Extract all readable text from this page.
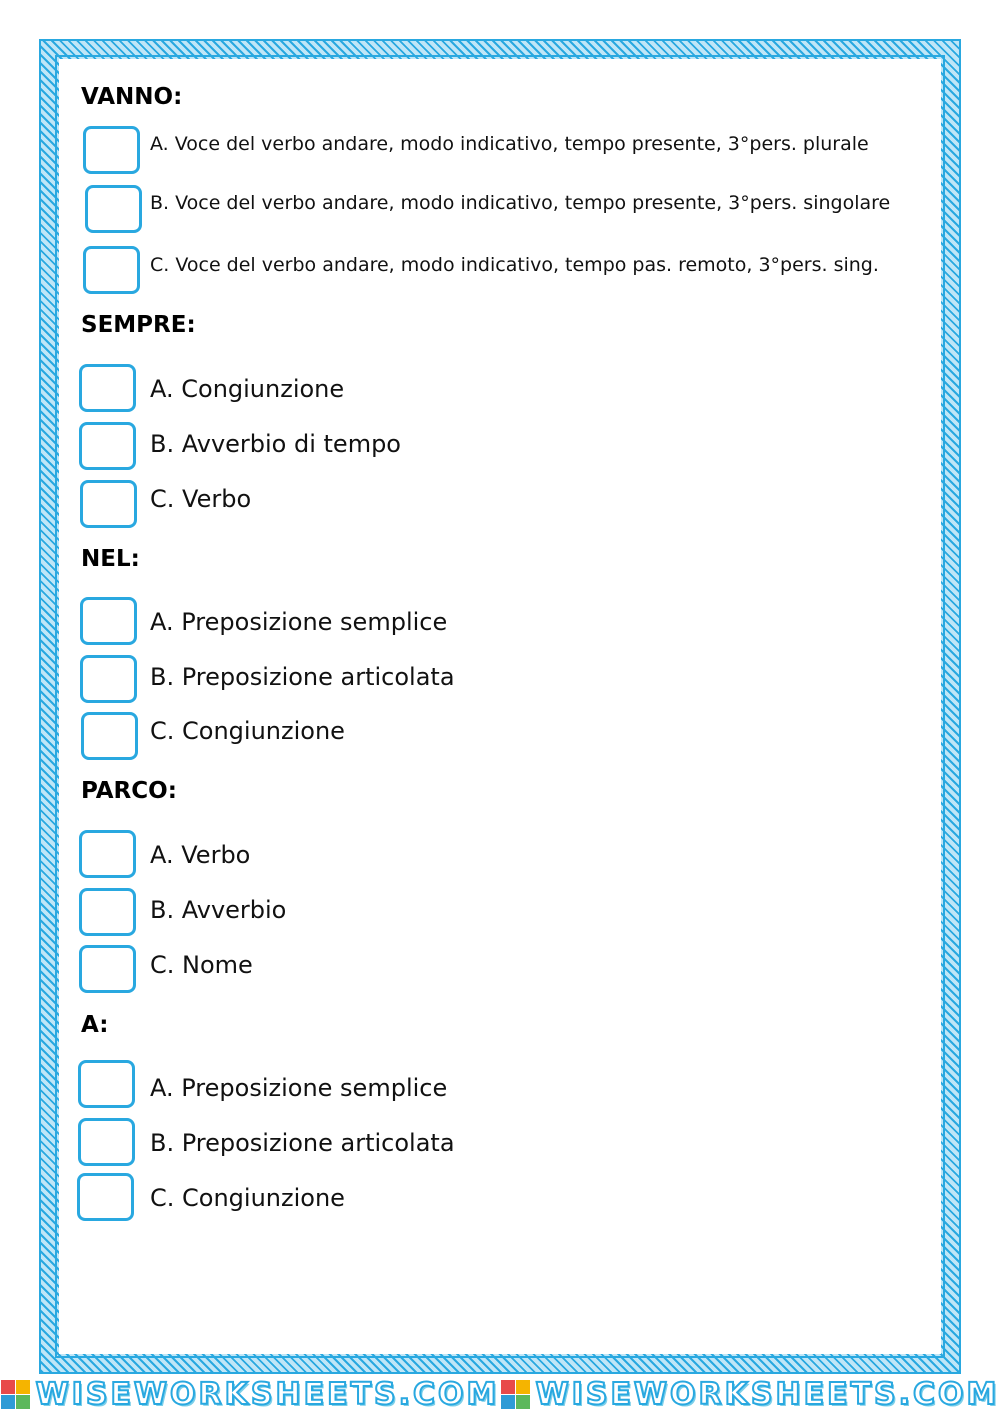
VANNO:
A. Voce del verbo andare, modo indicativo, tempo presente, 3°pers. plurale
B. Voce del verbo andare, modo indicativo, tempo presente, 3°pers. singolare
C. Voce del verbo andare, modo indicativo, tempo pas. remoto, 3°pers. sing.
SEMPRE:
A. Congiunzione
B. Avverbio di tempo
C. Verbo
NEL:
A. Preposizione semplice
B. Preposizione articolata
C. Congiunzione
PARCO:
A. Verbo
B. Avverbio
C. Nome
A:
A. Preposizione semplice
B. Preposizione articolata
C. Congiunzione
WISEWORKSHEETS.COM WISEWORKSHEETS.COM
